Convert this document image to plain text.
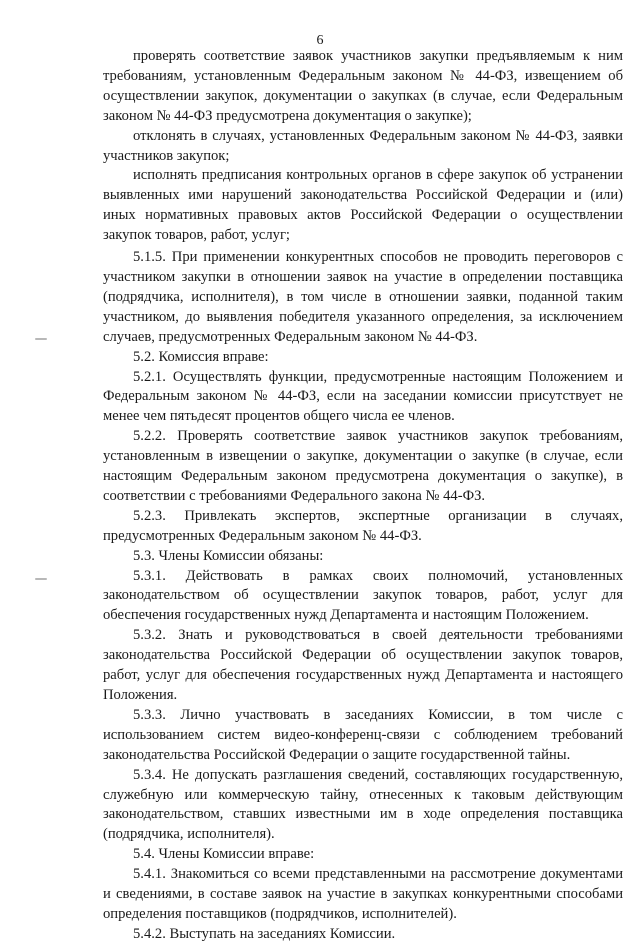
6

проверять соответствие заявок участников закупки предъявляемым к ним требованиям, установленным Федеральным законом № 44-ФЗ, извещением об осуществлении закупок, документации о закупках (в случае, если Федеральным законом № 44-ФЗ предусмотрена документация о закупке);

отклонять в случаях, установленных Федеральным законом № 44-ФЗ, заявки участников закупок;

исполнять предписания контрольных органов в сфере закупок об устранении выявленных ими нарушений законодательства Российской Федерации и (или) иных нормативных правовых актов Российской Федерации о осуществлении закупок товаров, работ, услуг;

5.1.5. При применении конкурентных способов не проводить переговоров с участником закупки в отношении заявок на участие в определении поставщика (подрядчика, исполнителя), в том числе в отношении заявки, поданной таким участником, до выявления победителя указанного определения, за исключением случаев, предусмотренных Федеральным законом № 44-ФЗ.

5.2. Комиссия вправе:

5.2.1. Осуществлять функции, предусмотренные настоящим Положением и Федеральным законом № 44-ФЗ, если на заседании комиссии присутствует не менее чем пятьдесят процентов общего числа ее членов.

5.2.2. Проверять соответствие заявок участников закупок требованиям, установленным в извещении о закупке, документации о закупке (в случае, если настоящим Федеральным законом предусмотрена документация о закупке), в соответствии с требованиями Федерального закона № 44-ФЗ.

5.2.3. Привлекать экспертов, экспертные организации в случаях, предусмотренных Федеральным законом № 44-ФЗ.

5.3. Члены Комиссии обязаны:

5.3.1. Действовать в рамках своих полномочий, установленных законодательством об осуществлении закупок товаров, работ, услуг для обеспечения государственных нужд Департамента и настоящим Положением.

5.3.2. Знать и руководствоваться в своей деятельности требованиями законодательства Российской Федерации об осуществлении закупок товаров, работ, услуг для обеспечения государственных нужд Департамента и настоящего Положения.

5.3.3. Лично участвовать в заседаниях Комиссии, в том числе с использованием систем видео-конференц-связи с соблюдением требований законодательства Российской Федерации о защите государственной тайны.

5.3.4. Не допускать разглашения сведений, составляющих государственную, служебную или коммерческую тайну, отнесенных к таковым действующим законодательством, ставших известными им в ходе определения поставщика (подрядчика, исполнителя).

5.4. Члены Комиссии вправе:

5.4.1. Знакомиться со всеми представленными на рассмотрение документами и сведениями, в составе заявок на участие в закупках конкурентными способами определения поставщиков (подрядчиков, исполнителей).

5.4.2. Выступать на заседаниях Комиссии.
